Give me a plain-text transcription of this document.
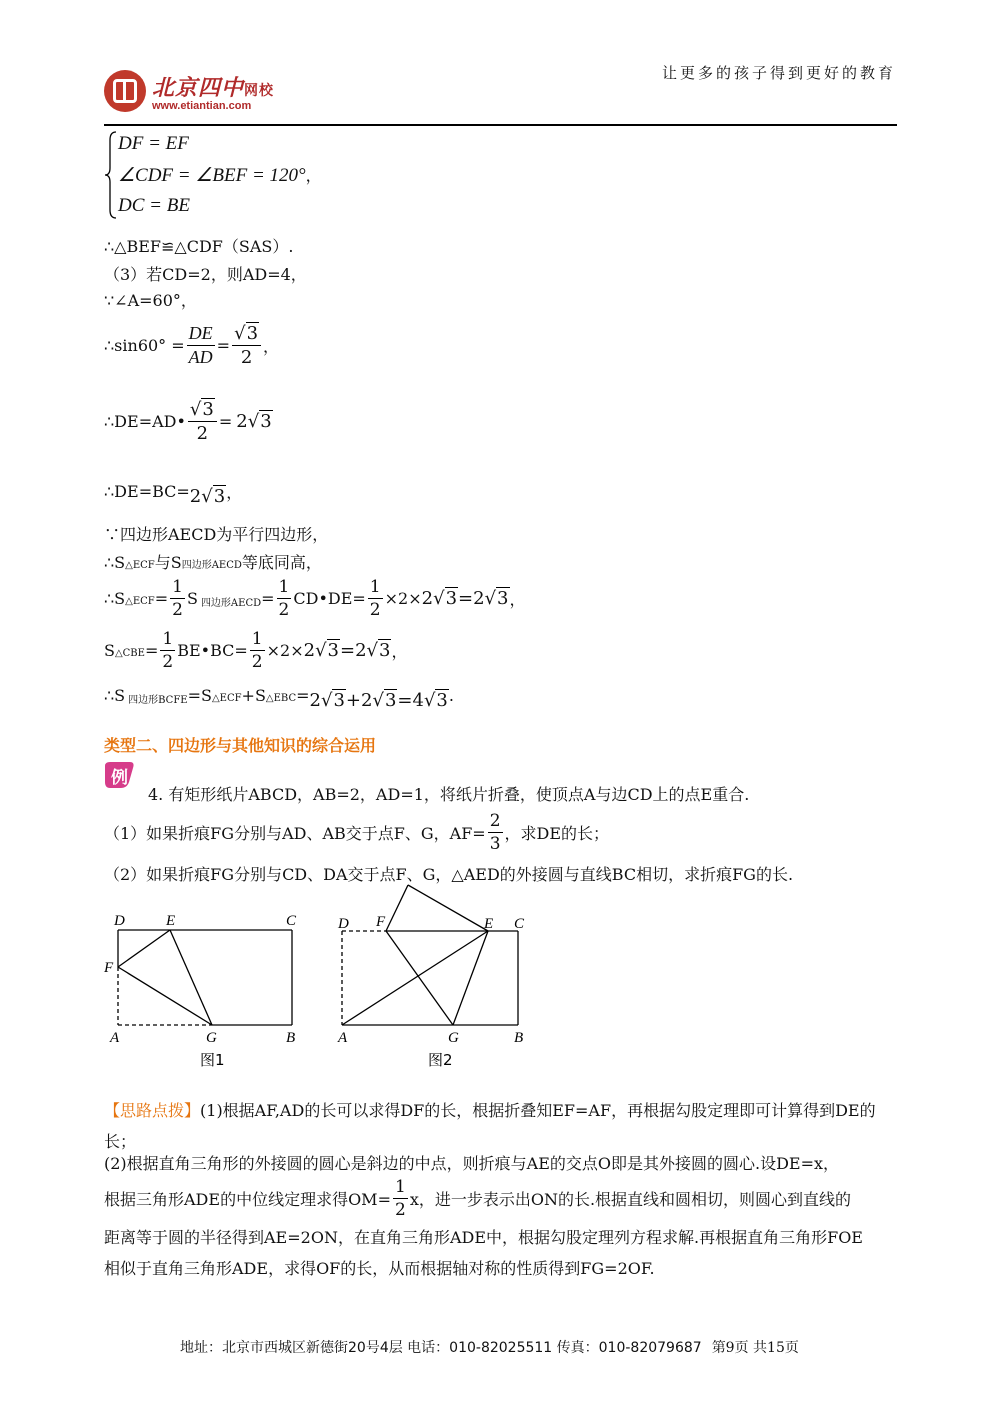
北京四中网校
www.etiantian.com
让更多的孩子得到更好的教育
DF = EF
∠CDF = ∠BEF = 120°，
DC = BE
∴△BEF≌△CDF（SAS）.
（3）若CD=2，则AD=4，
∵∠A=60°，
∴sin60° = $\frac{DE}{AD} = \frac{√3}{2}$ ，
∴DE=AD• $\frac{√3}{2} = 2√3$
∴DE=BC= 2√3 ，
∵四边形AECD为平行四边形，
∴S△ECF与S四边形AECD等底同高，
∴S △ECF = $\frac{1}{2}$ S 四边形AECD = $\frac{1}{2}$ CD•DE= $\frac{1}{2} \times 2\times 2√3=2√3$ ，
S △CBE = $\frac{1}{2}$ BE•BC= $\frac{1}{2} \times 2\times 2√3=2√3$ ，
∴S 四边形BCFE =S △ECF +S △EBC = 2√3+2√3=4√3 .
类型二、四边形与其他知识的综合运用
例
4. 有矩形纸片ABCD，AB=2，AD=1，将纸片折叠，使顶点A与边CD上的点E重合.
（1）如果折痕FG分别与AD、AB交于点F、G，$AF= \frac{2}{3}$ ，求DE的长；
（2）如果折痕FG分别与CD、DA交于点F、G，△AED的外接圆与直线BC相切，求折痕FG的长.
D	E	C
F
A	G	B
图1
D F	E C
A	G	B
图2
【思路点拨】(1)根据AF,AD的长可以求得DF的长，根据折叠知EF=AF，再根据勾股定理即可计算得到DE的长；
(2)根据直角三角形的外接圆的圆心是斜边的中点，则折痕与AE的交点O即是其外接圆的圆心.设DE=x，
根据三角形ADE的中位线定理求得$OM= \frac{1}{2}$ x，进一步表示出ON的长.根据直线和圆相切，则圆心到直线的
距离等于圆的半径得到AE=2ON，在直角三角形ADE中，根据勾股定理列方程求解.再根据直角三角形FOE
相似于直角三角形ADE，求得OF的长，从而根据轴对称的性质得到FG=2OF.
地址：北京市西城区新德街20号4层 电话：010-82025511 传真：010-82079687 第9页 共15页
